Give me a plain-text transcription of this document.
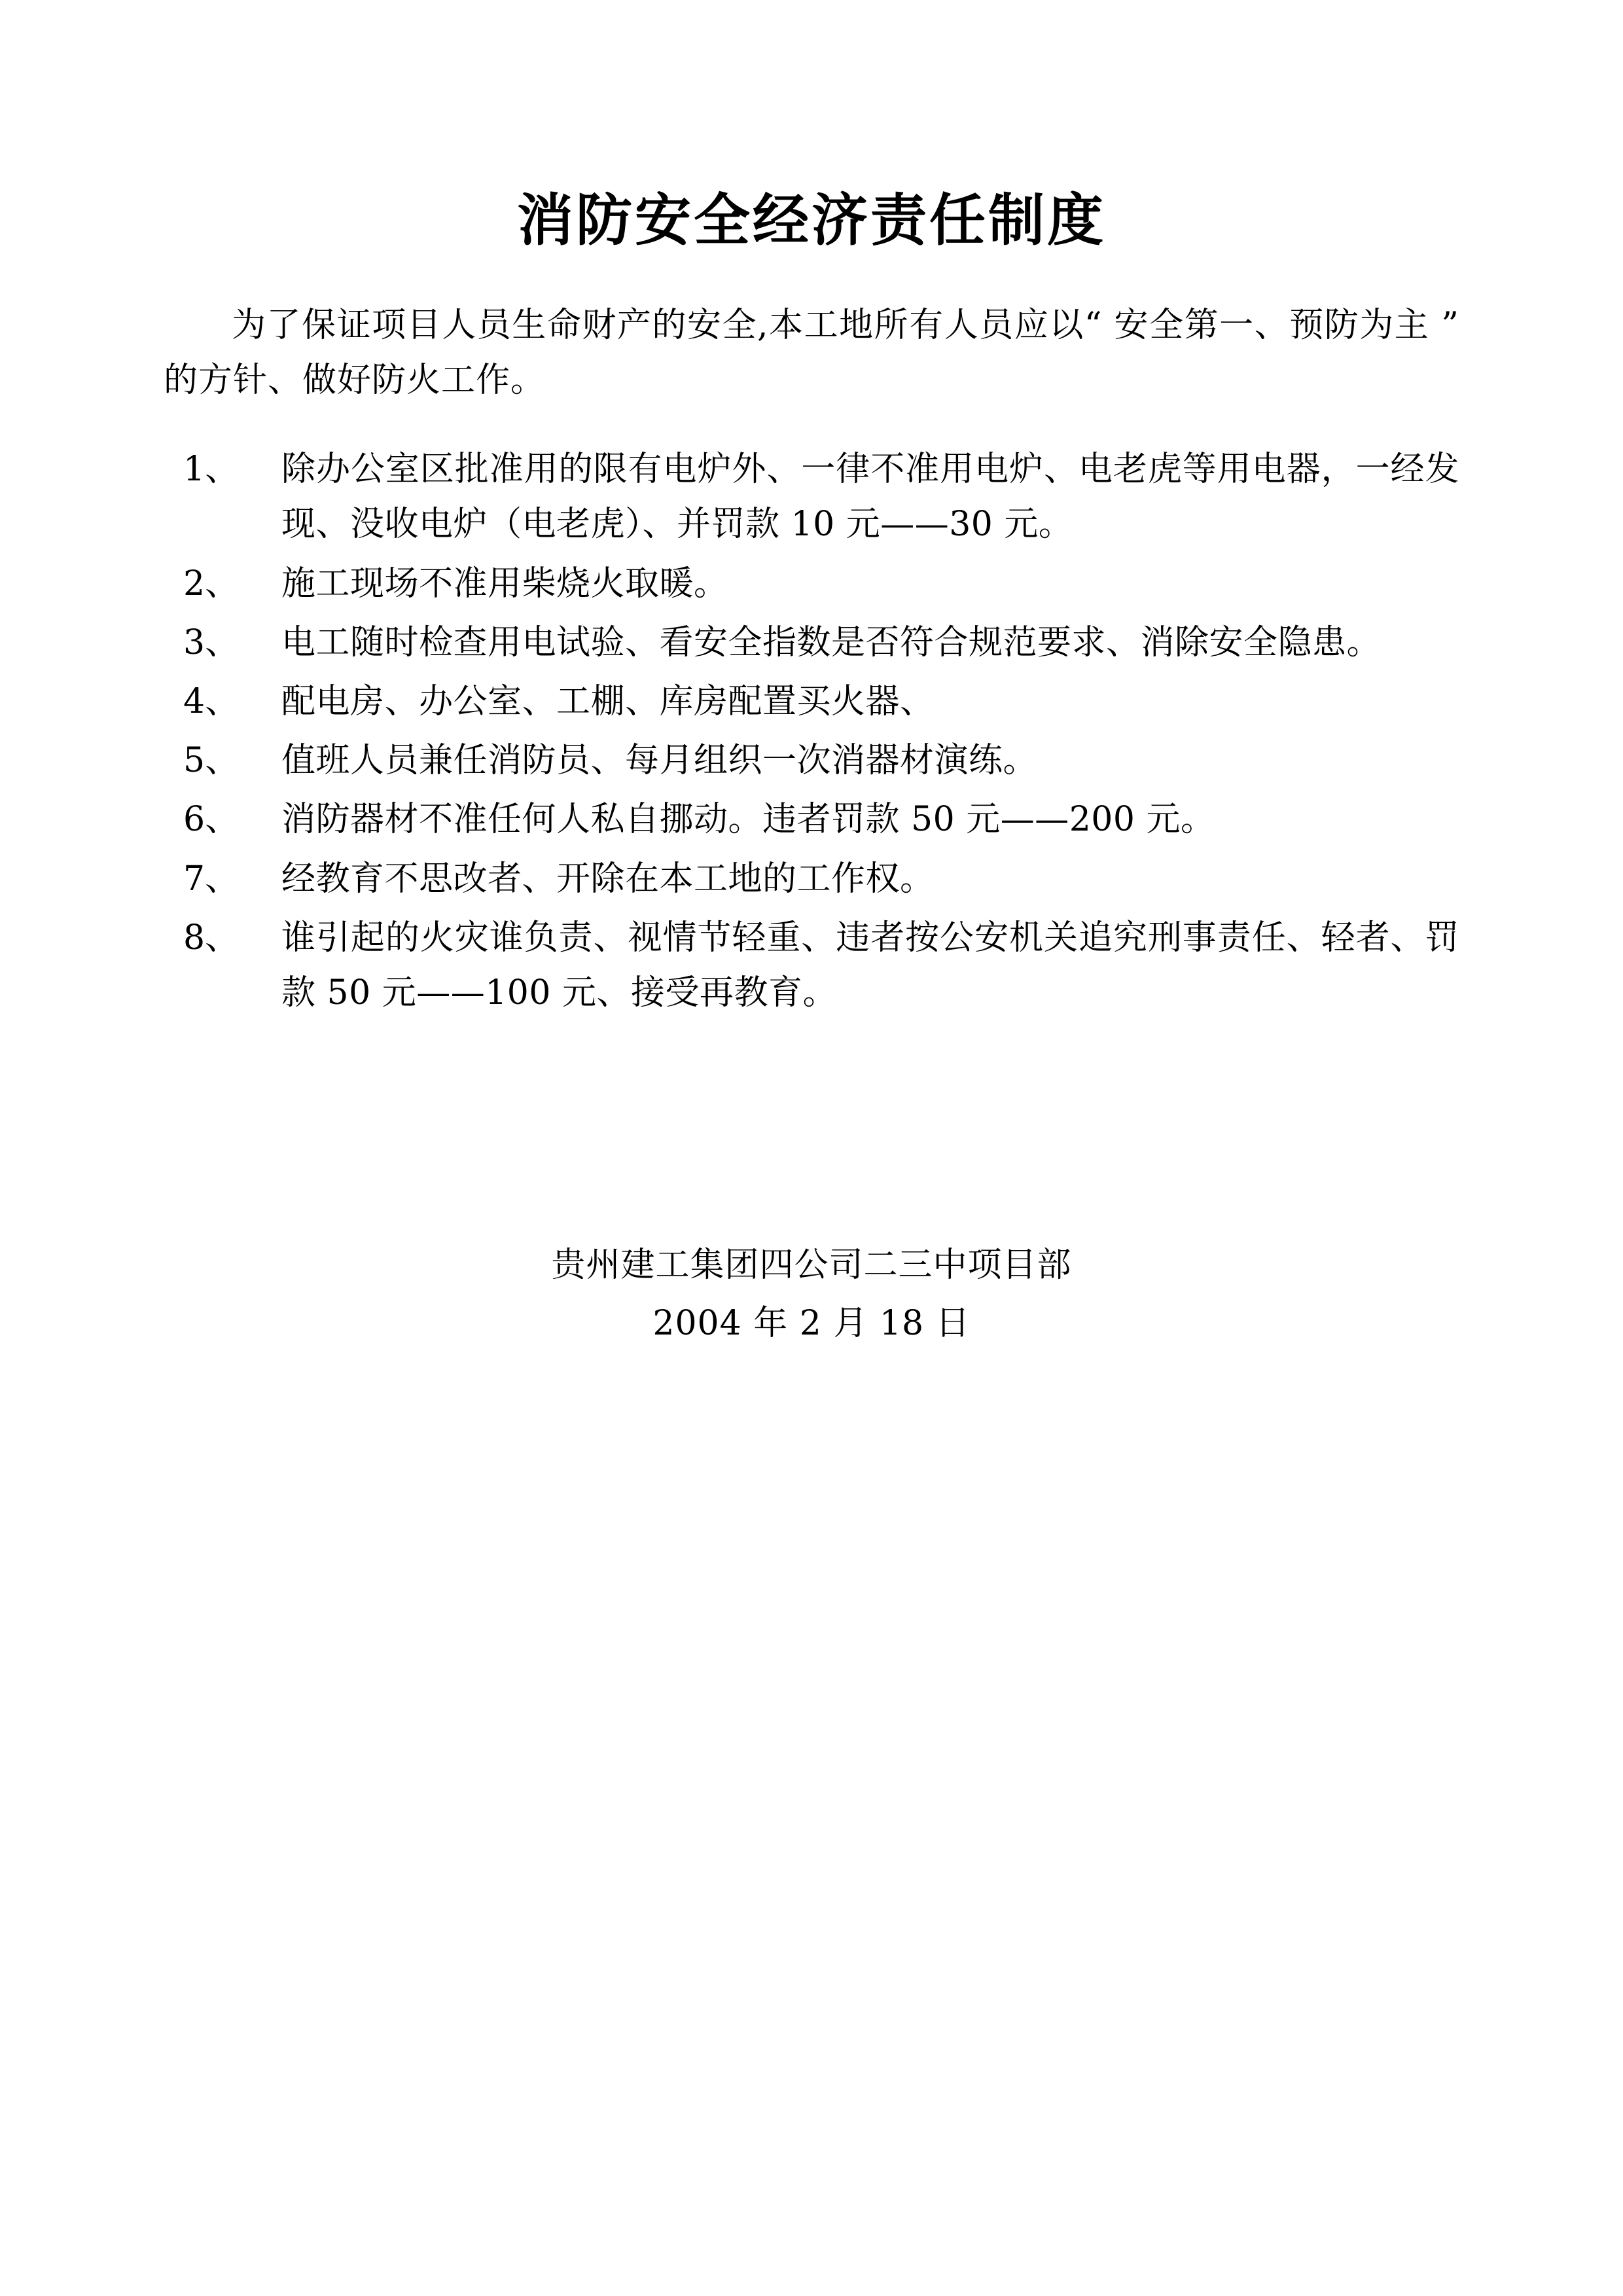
消防安全经济责任制度

为了保证项目人员生命财产的安全,本工地所有人员应以“ 安全第一、预防为主 ” 的方针、做好防火工作。

1、	除办公室区批准用的限有电炉外、一律不准用电炉、电老虎等用电器，一经发现、没收电炉（电老虎）、并罚款 10 元——30 元。
2、	施工现场不准用柴烧火取暖。
3、	电工随时检查用电试验、看安全指数是否符合规范要求、消除安全隐患。
4、	配电房、办公室、工棚、库房配置买火器、
5、	值班人员兼任消防员、每月组织一次消器材演练。
6、	消防器材不准任何人私自挪动。违者罚款 50 元——200 元。
7、	经教育不思改者、开除在本工地的工作权。
8、	谁引起的火灾谁负责、视情节轻重、违者按公安机关追究刑事责任、轻者、罚款 50 元——100 元、接受再教育。
贵州建工集团四公司二三中项目部
2004 年 2 月 18 日
